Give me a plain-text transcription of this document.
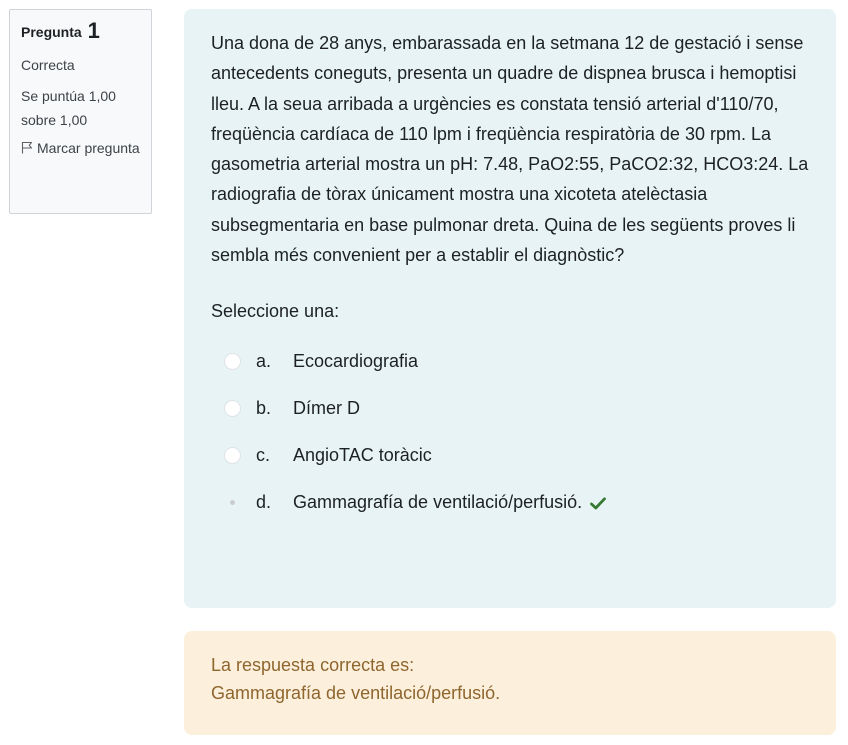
Pregunta 1
Correcta
Se puntúa 1,00 sobre 1,00
Marcar pregunta

Una dona de 28 anys, embarassada en la setmana 12 de gestació i sense antecedents coneguts, presenta un quadre de dispnea brusca i hemoptisi lleu. A la seua arribada a urgències es constata tensió arterial d'110/70, freqüència cardíaca de 110 lpm i freqüència respiratòria de 30 rpm. La gasometria arterial mostra un pH: 7.48, PaO2:55, PaCO2:32, HCO3:24. La radiografia de tòrax únicament mostra una xicoteta atelèctasia subsegmentaria en base pulmonar dreta. Quina de les següents proves li sembla més convenient per a establir el diagnòstic?

Seleccione una:
a.	Ecocardiografia
b.	Dímer D
c.	AngioTAC toràcic
d.	Gammagrafía de ventilació/perfusió.
La respuesta correcta es:
Gammagrafía de ventilació/perfusió.
